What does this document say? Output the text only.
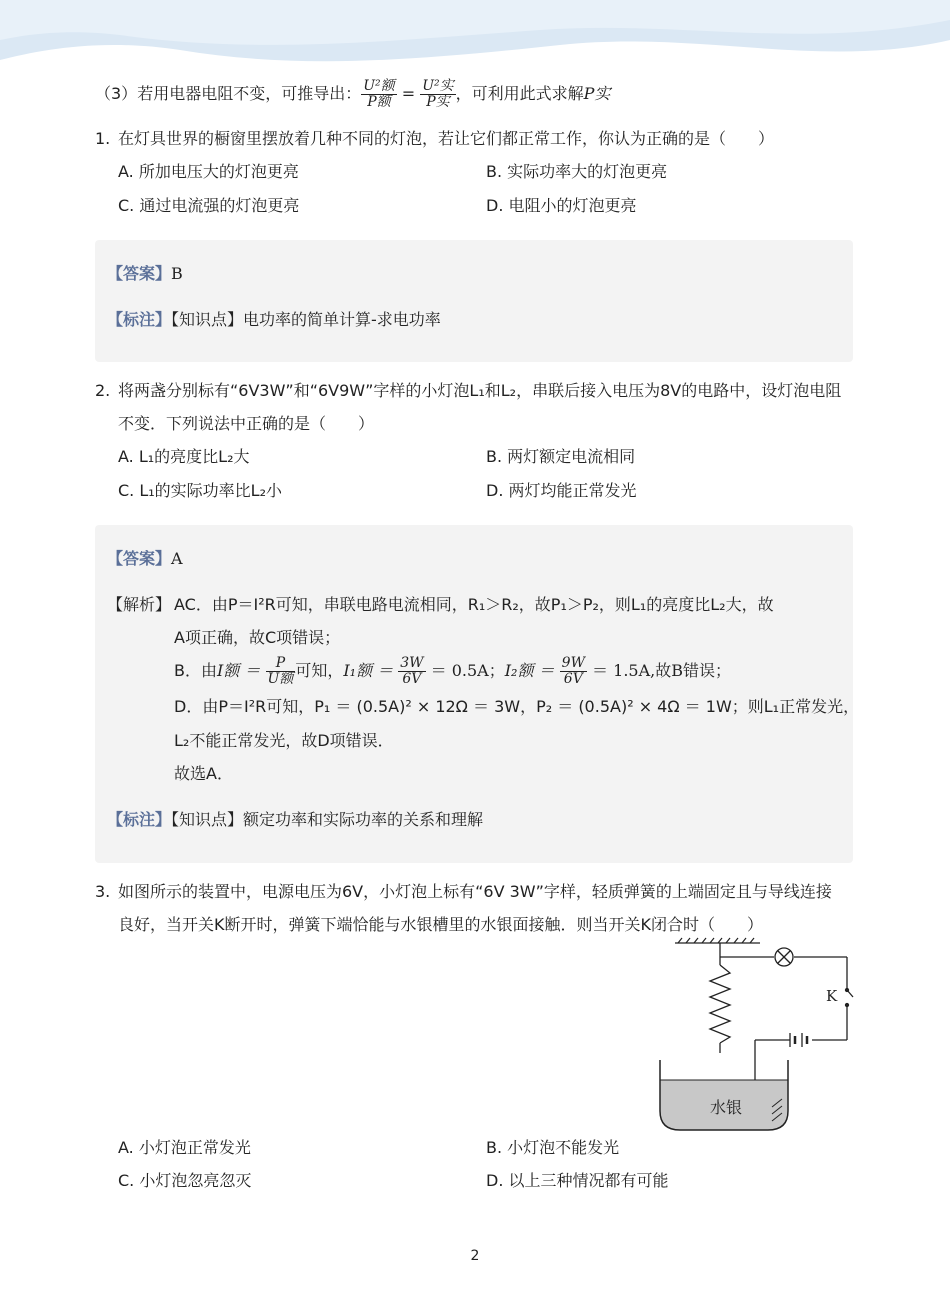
（3）若用电器电阻不变，可推导出： $\frac{\text{U²额}}{\text{P额}} = \frac{\text{U²实}}{\text{P实}}$ ，可利用此式求解P实
1. 在灯具世界的橱窗里摆放着几种不同的灯泡，若让它们都正常工作，你认为正确的是（　　）
A. 所加电压大的灯泡更亮	B. 实际功率大的灯泡更亮
C. 通过电流强的灯泡更亮	D. 电阻小的灯泡更亮
【答案】B
【标注】【知识点】电功率的简单计算-求电功率
2. 将两盏分别标有“6V3W”和“6V9W”字样的小灯泡L₁和L₂，串联后接入电压为8V的电路中，设灯泡电阻
不变．下列说法中正确的是（　　）
A. L₁的亮度比L₂大	B. 两灯额定电流相同
C. L₁的实际功率比L₂小	D. 两灯均能正常发光
【答案】A
【解析】 AC．由P＝I²R可知，串联电路电流相同，R₁＞R₂，故P₁＞P₂，则L₁的亮度比L₂大，故
A项正确，故C项错误；
B．由I额 ＝ $\frac{P}{\text{U额}}$ 可知，I₁额 ＝ $\frac{3W}{6V} = 0.5A$；I₂额 ＝ $\frac{9W}{6V} = 1.5A$,故B错误；
D．由P＝I²R可知，P₁ ＝ (0.5A)² × 12Ω ＝ 3W，P₂ ＝ (0.5A)² × 4Ω ＝ 1W；则L₁正常发光，
L₂不能正常发光，故D项错误．
故选A．
【标注】【知识点】额定功率和实际功率的关系和理解
3. 如图所示的装置中，电源电压为6V，小灯泡上标有“6V 3W”字样，轻质弹簧的上端固定且与导线连接
良好，当开关K断开时，弹簧下端恰能与水银槽里的水银面接触．则当开关K闭合时（　　）
K
水银
A. 小灯泡正常发光	B. 小灯泡不能发光
C. 小灯泡忽亮忽灭	D. 以上三种情况都有可能
2
